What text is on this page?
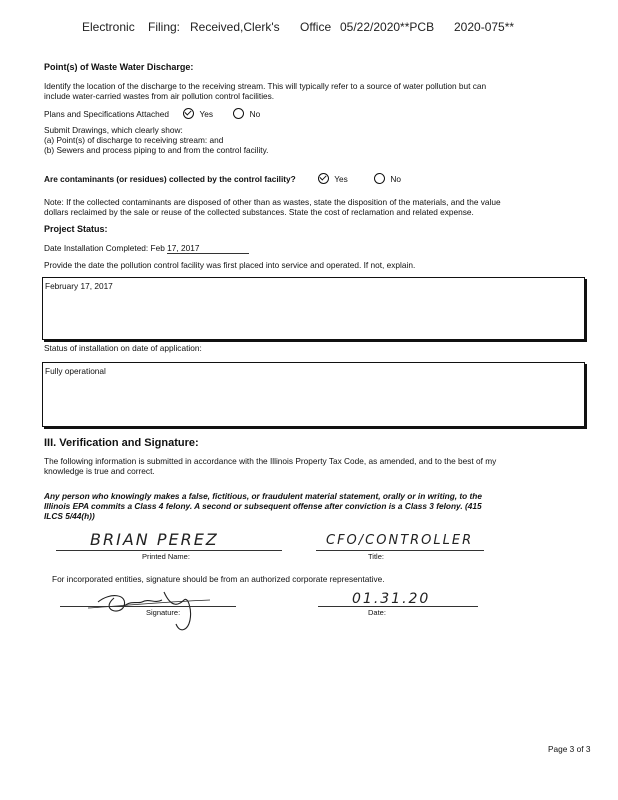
Electronic Filing: Received,Clerk's Office 05/22/2020**PCB 2020-075**
Point(s) of Waste Water Discharge:
Identify the location of the discharge to the receiving stream. This will typically refer to a source of water pollution but can
include water-carried wastes from air pollution control facilities.
Plans and Specifications Attached	Yes	No
Submit Drawings, which clearly show:
(a) Point(s) of discharge to receiving stream: and
(b) Sewers and process piping to and from the control facility.
Are contaminants (or residues) collected by the control facility?	Yes	No
Note: If the collected contaminants are disposed of other than as wastes, state the disposition of the materials, and the value
dollars reclaimed by the sale or reuse of the collected substances. State the cost of reclamation and related expense.
Project Status:
Date Installation Completed: Feb 17, 2017
Provide the date the pollution control facility was first placed into service and operated. If not, explain.
February 17, 2017
Status of installation on date of application:
Fully operational
III. Verification and Signature:
The following information is submitted in accordance with the Illinois Property Tax Code, as amended, and to the best of my
knowledge is true and correct.
Any person who knowingly makes a false, fictitious, or fraudulent material statement, orally or in writing, to the
Illinois EPA commits a Class 4 felony. A second or subsequent offense after conviction is a Class 3 felony. (415
ILCS 5/44(h))
BRIAN PEREZ
Printed Name:
CFO/CONTROLLER
Title:
For incorporated entities, signature should be from an authorized corporate representative.
Signature:
01.31.20
Date:
Page 3 of 3
